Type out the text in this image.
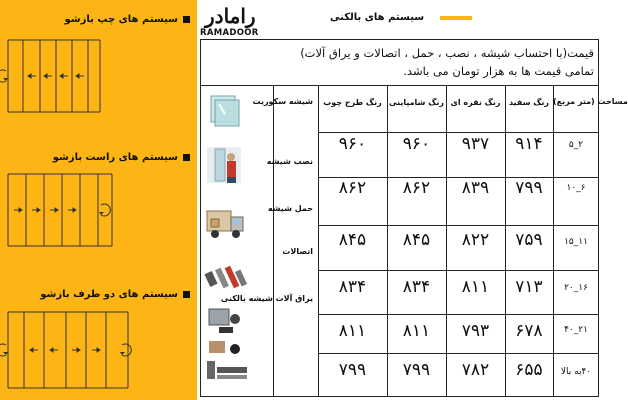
سیستم های چپ بازشو
سیستم های راست بازشو
سیستم های دو طرف بازشو
رامادر
RAMADOOR
سیستم های بالکنی
قیمت(با احتساب شیشه ، نصب ، حمل ، اتصالات و یراق آلات)
تمامی قیمت ها به هزار تومان می باشد.
مساحت (متر مربع)
رنگ سفید
رنگ نقره ای
رنگ شامپاینی
رنگ طرح چوب
۲_۵
۹۱۴
۹۳۷
۹۶۰
۹۶۰
۶_۱۰
۷۹۹
۸۳۹
۸۶۲
۸۶۲
۱۱_۱۵
۷۵۹
۸۲۲
۸۴۵
۸۴۵
۱۶_۲۰
۷۱۳
۸۱۱
۸۳۴
۸۳۴
۲۱_۴۰
۶۷۸
۷۹۳
۸۱۱
۸۱۱
۴۰به بالا
۶۵۵
۷۸۲
۷۹۹
۷۹۹
شیشه سکوریت
نصب شیشه
حمل شیشه
اتصالات
یراق آلات شیشه بالکنی
